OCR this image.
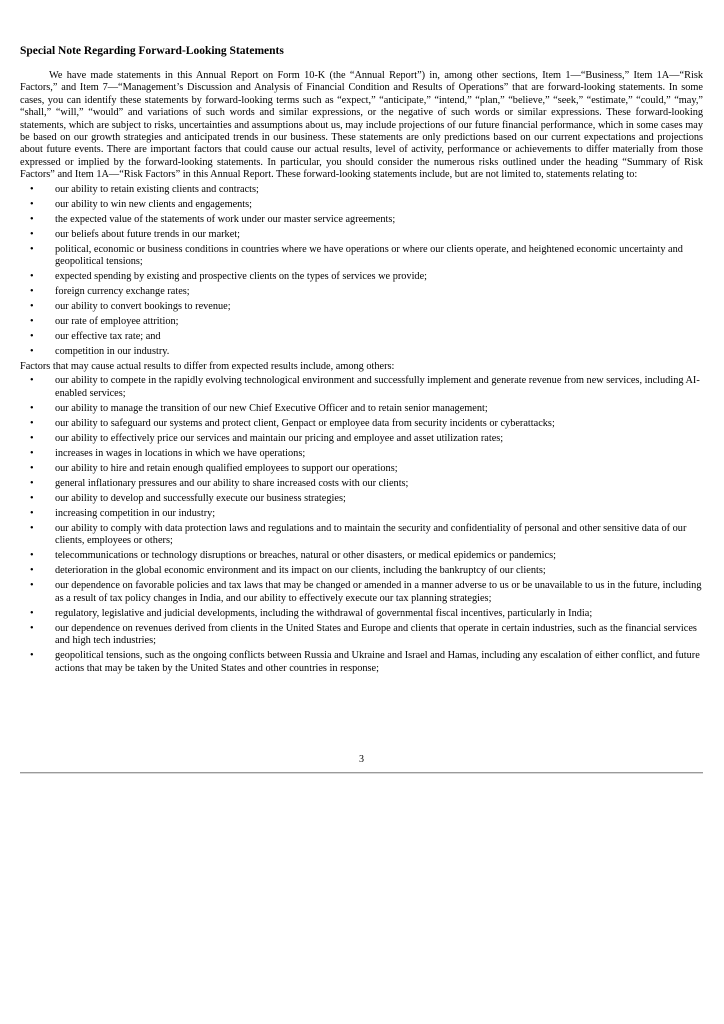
Special Note Regarding Forward-Looking Statements

We have made statements in this Annual Report on Form 10-K (the “Annual Report”) in, among other sections, Item 1—“Business,” Item 1A—“Risk Factors,” and Item 7—“Management’s Discussion and Analysis of Financial Condition and Results of Operations” that are forward-looking statements. In some cases, you can identify these statements by forward-looking terms such as “expect,” “anticipate,” “intend,” “plan,” “believe,” “seek,” “estimate,” “could,” “may,” “shall,” “will,” “would” and variations of such words and similar expressions, or the negative of such words or similar expressions. These forward-looking statements, which are subject to risks, uncertainties and assumptions about us, may include projections of our future financial performance, which in some cases may be based on our growth strategies and anticipated trends in our business. These statements are only predictions based on our current expectations and projections about future events. There are important factors that could cause our actual results, level of activity, performance or achievements to differ materially from those expressed or implied by the forward-looking statements. In particular, you should consider the numerous risks outlined under the heading “Summary of Risk Factors” and Item 1A—“Risk Factors” in this Annual Report. These forward-looking statements include, but are not limited to, statements relating to:

• our ability to retain existing clients and contracts;
• our ability to win new clients and engagements;
• the expected value of the statements of work under our master service agreements;
• our beliefs about future trends in our market;
• political, economic or business conditions in countries where we have operations or where our clients operate, and heightened economic uncertainty and geopolitical tensions;
• expected spending by existing and prospective clients on the types of services we provide;
• foreign currency exchange rates;
• our ability to convert bookings to revenue;
• our rate of employee attrition;
• our effective tax rate; and
• competition in our industry.

Factors that may cause actual results to differ from expected results include, among others:

• our ability to compete in the rapidly evolving technological environment and successfully implement and generate revenue from new services, including AI-enabled services;
• our ability to manage the transition of our new Chief Executive Officer and to retain senior management;
• our ability to safeguard our systems and protect client, Genpact or employee data from security incidents or cyberattacks;
• our ability to effectively price our services and maintain our pricing and employee and asset utilization rates;
• increases in wages in locations in which we have operations;
• our ability to hire and retain enough qualified employees to support our operations;
• general inflationary pressures and our ability to share increased costs with our clients;
• our ability to develop and successfully execute our business strategies;
• increasing competition in our industry;
• our ability to comply with data protection laws and regulations and to maintain the security and confidentiality of personal and other sensitive data of our clients, employees or others;
• telecommunications or technology disruptions or breaches, natural or other disasters, or medical epidemics or pandemics;
• deterioration in the global economic environment and its impact on our clients, including the bankruptcy of our clients;
• our dependence on favorable policies and tax laws that may be changed or amended in a manner adverse to us or be unavailable to us in the future, including as a result of tax policy changes in India, and our ability to effectively execute our tax planning strategies;
• regulatory, legislative and judicial developments, including the withdrawal of governmental fiscal incentives, particularly in India;
• our dependence on revenues derived from clients in the United States and Europe and clients that operate in certain industries, such as the financial services and high tech industries;
• geopolitical tensions, such as the ongoing conflicts between Russia and Ukraine and Israel and Hamas, including any escalation of either conflict, and future actions that may be taken by the United States and other countries in response;
3
